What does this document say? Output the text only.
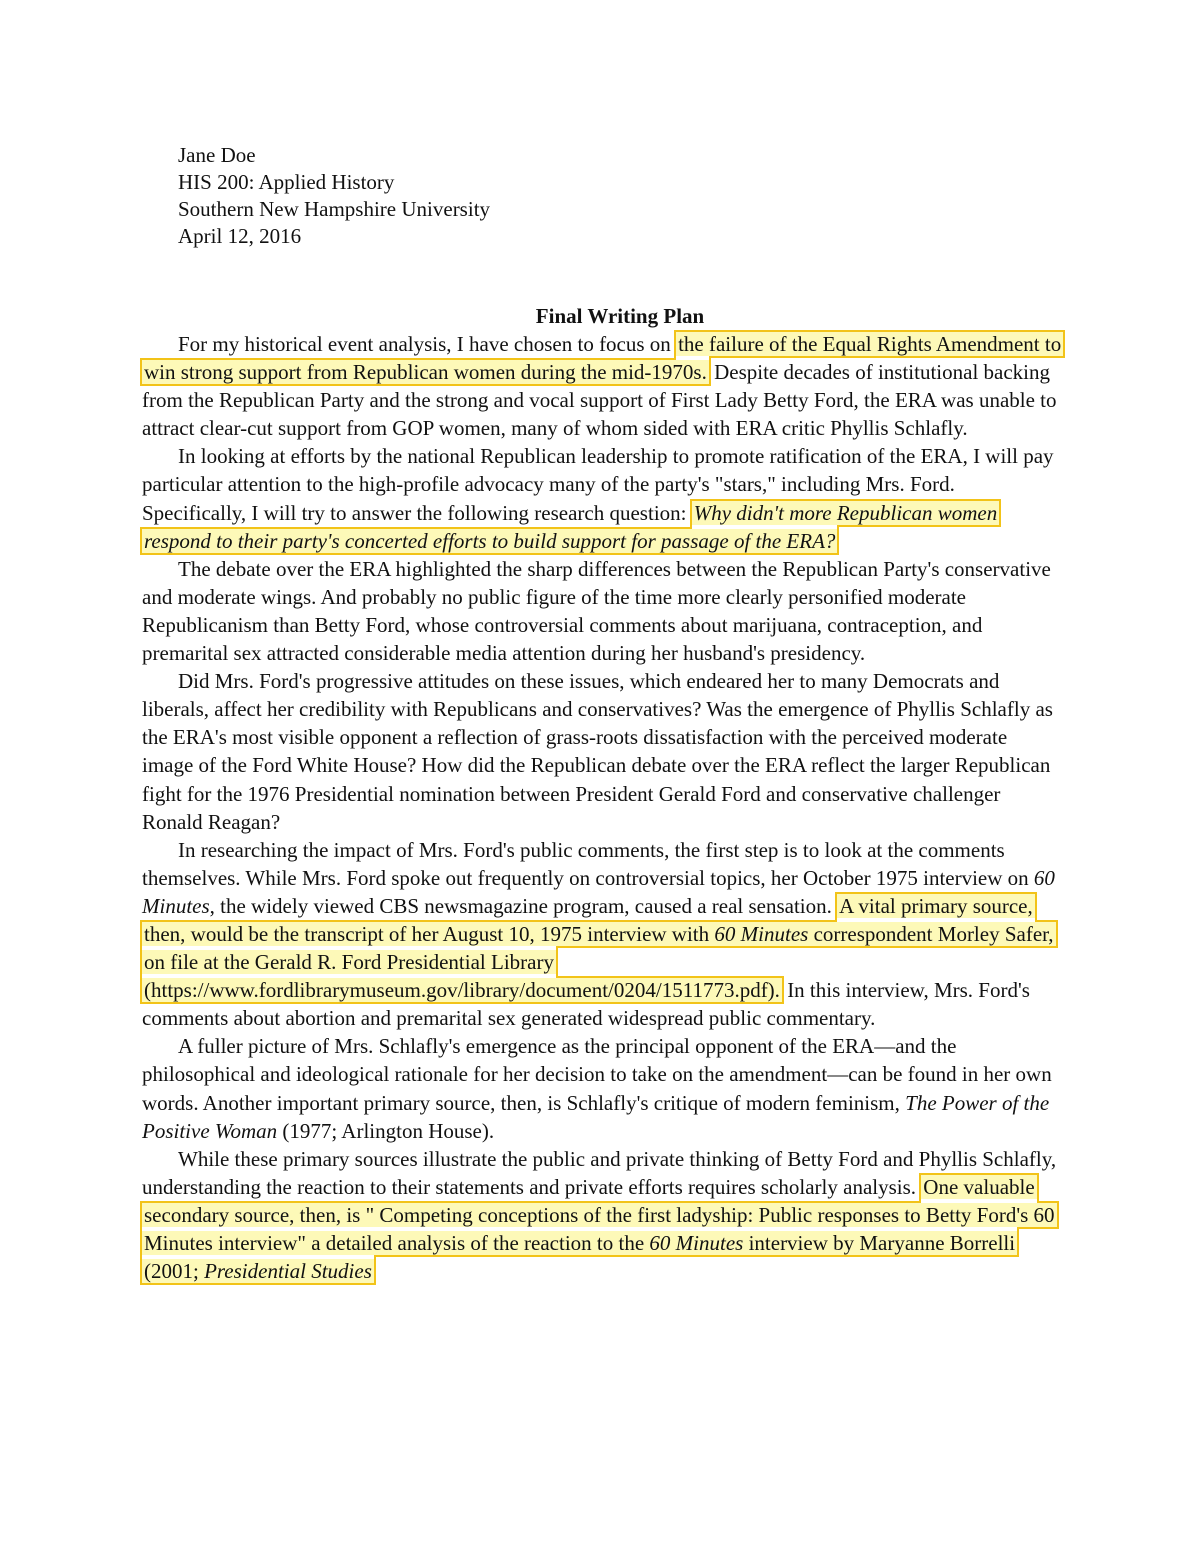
Jane Doe
HIS 200: Applied History
Southern New Hampshire University
April 12, 2016
Final Writing Plan

For my historical event analysis, I have chosen to focus on the failure of the Equal Rights Amendment to win strong support from Republican women during the mid-1970s. Despite decades of institutional backing from the Republican Party and the strong and vocal support of First Lady Betty Ford, the ERA was unable to attract clear-cut support from GOP women, many of whom sided with ERA critic Phyllis Schlafly.

In looking at efforts by the national Republican leadership to promote ratification of the ERA, I will pay particular attention to the high-profile advocacy many of the party's "stars," including Mrs. Ford. Specifically, I will try to answer the following research question: Why didn't more Republican women respond to their party's concerted efforts to build support for passage of the ERA?

The debate over the ERA highlighted the sharp differences between the Republican Party's conservative and moderate wings. And probably no public figure of the time more clearly personified moderate Republicanism than Betty Ford, whose controversial comments about marijuana, contraception, and premarital sex attracted considerable media attention during her husband's presidency.

Did Mrs. Ford's progressive attitudes on these issues, which endeared her to many Democrats and liberals, affect her credibility with Republicans and conservatives? Was the emergence of Phyllis Schlafly as the ERA's most visible opponent a reflection of grass-roots dissatisfaction with the perceived moderate image of the Ford White House? How did the Republican debate over the ERA reflect the larger Republican fight for the 1976 Presidential nomination between President Gerald Ford and conservative challenger Ronald Reagan?

In researching the impact of Mrs. Ford's public comments, the first step is to look at the comments themselves. While Mrs. Ford spoke out frequently on controversial topics, her October 1975 interview on 60 Minutes, the widely viewed CBS newsmagazine program, caused a real sensation. A vital primary source, then, would be the transcript of her August 10, 1975 interview with 60 Minutes correspondent Morley Safer, on file at the Gerald R. Ford Presidential Library (https://www.fordlibrarymuseum.gov/library/document/0204/1511773.pdf). In this interview, Mrs. Ford's comments about abortion and premarital sex generated widespread public commentary.

A fuller picture of Mrs. Schlafly's emergence as the principal opponent of the ERA—and the philosophical and ideological rationale for her decision to take on the amendment—can be found in her own words. Another important primary source, then, is Schlafly's critique of modern feminism, The Power of the Positive Woman (1977; Arlington House).

While these primary sources illustrate the public and private thinking of Betty Ford and Phyllis Schlafly, understanding the reaction to their statements and private efforts requires scholarly analysis. One valuable secondary source, then, is " Competing conceptions of the first ladyship: Public responses to Betty Ford's 60 Minutes interview" a detailed analysis of the reaction to the 60 Minutes interview by Maryanne Borrelli (2001; Presidential Studies
